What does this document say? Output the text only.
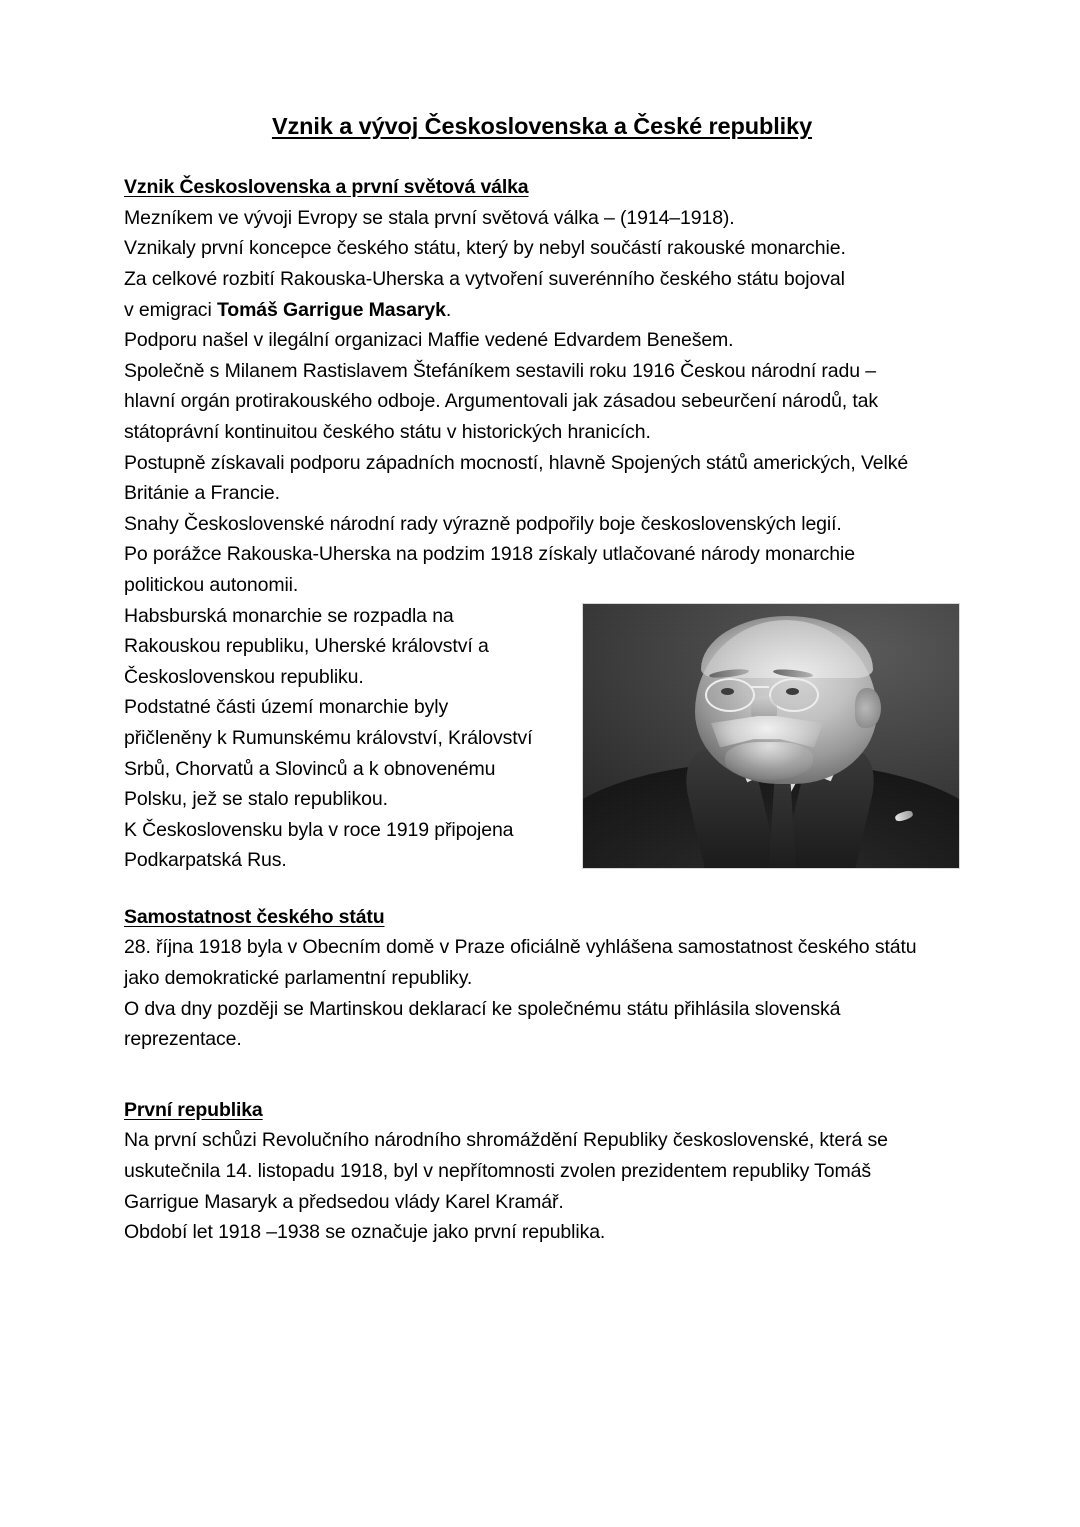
Vznik a vývoj Československa a České republiky
Vznik Československa a první světová válka

Mezníkem ve vývoji Evropy se stala první světová válka – (1914–1918).

Vznikaly první koncepce českého státu, který by nebyl součástí rakouské monarchie.

Za celkové rozbití Rakouska-Uherska a vytvoření suverénního českého státu bojoval

v emigraci Tomáš Garrigue Masaryk.

Podporu našel v ilegální organizaci Maffie vedené Edvardem Benešem.

Společně s Milanem Rastislavem Štefáníkem sestavili roku 1916 Českou národní radu –

hlavní orgán protirakouského odboje. Argumentovali jak zásadou sebeurčení národů, tak

státoprávní kontinuitou českého státu v historických hranicích.

Postupně získavali podporu západních mocností, hlavně Spojených států amerických, Velké

Británie a Francie.

Snahy Československé národní rady výrazně podpořily boje československých legií.

Po porážce Rakouska-Uherska na podzim 1918 získaly utlačované národy monarchie

politickou autonomii.

Habsburská monarchie se rozpadla na

Rakouskou republiku, Uherské království a

Československou republiku.

Podstatné části území monarchie byly

přičleněny k Rumunskému království, Království

Srbů, Chorvatů a Slovinců a k obnovenému

Polsku, jež se stalo republikou.

K Československu byla v roce 1919 připojena

Podkarpatská Rus.

Samostatnost českého státu

28. října 1918 byla v Obecním domě v Praze oficiálně vyhlášena samostatnost českého státu

jako demokratické parlamentní republiky.

O dva dny později se Martinskou deklarací ke společnému státu přihlásila slovenská

reprezentace.

První republika

Na první schůzi Revolučního národního shromáždění Republiky československé, která se

uskutečnila 14. listopadu 1918, byl v nepřítomnosti zvolen prezidentem republiky Tomáš

Garrigue Masaryk a předsedou vlády Karel Kramář.

Období let 1918 –1938 se označuje jako první republika.
